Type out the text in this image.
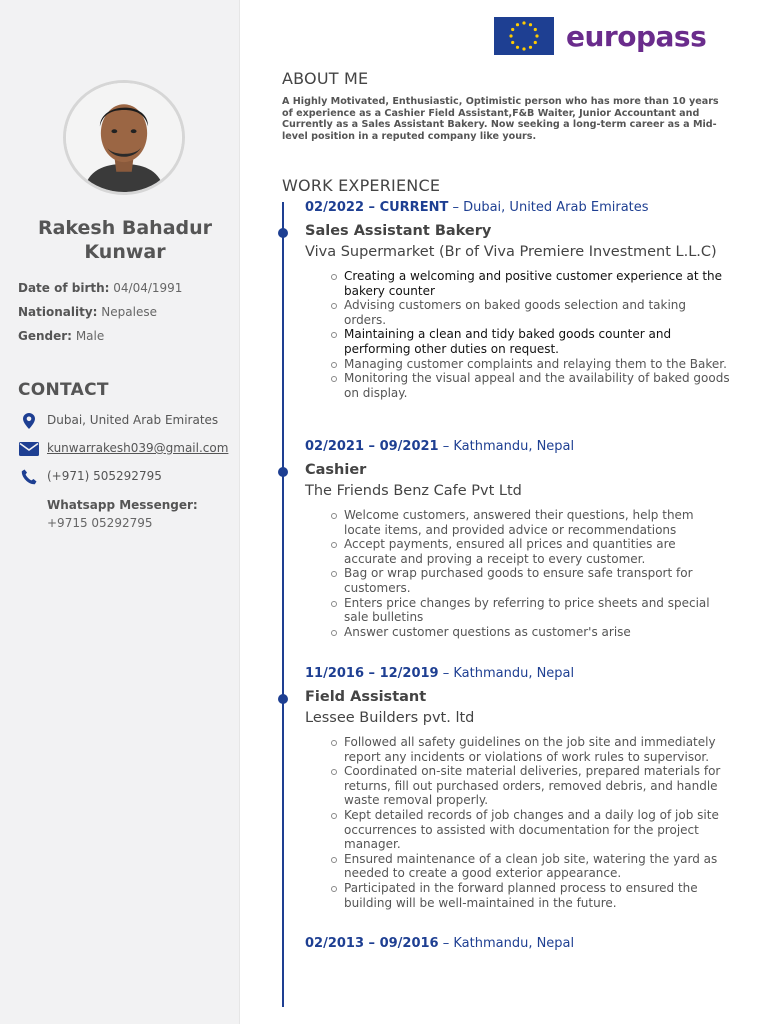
Rakesh Bahadur Kunwar
Date of birth: 04/04/1991
Nationality: Nepalese
Gender: Male
CONTACT
Dubai, United Arab Emirates
kunwarrakesh039@gmail.com
(+971) 505292795
Whatsapp Messenger: +9715 05292795
europass
ABOUT ME
A Highly Motivated, Enthusiastic, Optimistic person who has more than 10 years of experience as a Cashier Field Assistant,F&B Waiter, Junior Accountant and Currently as a Sales Assistant Bakery. Now seeking a long-term career as a Mid-level position in a reputed company like yours.
WORK EXPERIENCE
02/2022 – CURRENT – Dubai, United Arab Emirates
Sales Assistant Bakery
Viva Supermarket (Br of Viva Premiere Investment L.L.C)
Creating a welcoming and positive customer experience at the bakery counter
Advising customers on baked goods selection and taking orders.
Maintaining a clean and tidy baked goods counter and performing other duties on request.
Managing customer complaints and relaying them to the Baker.
Monitoring the visual appeal and the availability of baked goods on display.
02/2021 – 09/2021 – Kathmandu, Nepal
Cashier
The Friends Benz Cafe Pvt Ltd
Welcome customers, answered their questions, help them locate items, and provided advice or recommendations
Accept payments, ensured all prices and quantities are accurate and proving a receipt to every customer.
Bag or wrap purchased goods to ensure safe transport for customers.
Enters price changes by referring to price sheets and special sale bulletins
Answer customer questions as customer's arise
11/2016 – 12/2019 – Kathmandu, Nepal
Field Assistant
Lessee Builders pvt. ltd
Followed all safety guidelines on the job site and immediately report any incidents or violations of work rules to supervisor.
Coordinated on-site material deliveries, prepared materials for returns, fill out purchased orders, removed debris, and handle waste removal properly.
Kept detailed records of job changes and a daily log of job site occurrences to assisted with documentation for the project manager.
Ensured maintenance of a clean job site, watering the yard as needed to create a good exterior appearance.
Participated in the forward planned process to ensured the building will be well-maintained in the future.
02/2013 – 09/2016 – Kathmandu, Nepal
